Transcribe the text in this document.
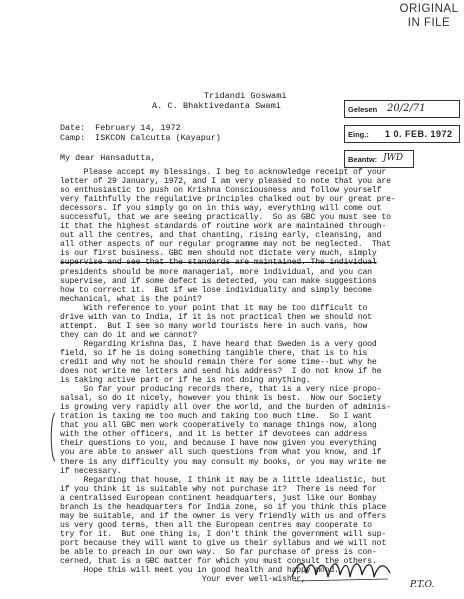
ORIGINAL
IN FILE
Tridandi Goswami
A. C. Bhaktivedanta Swami	Gelesen 20/2/71
Eing.: 1 0. FEB. 1972
Beantw: JWD
Date:  February 14, 1972
Camp:  ISKCON Calcutta (Kayapur)
My dear Hansadutta,
Please accept my blessings. I beg to acknowledge receipt of your
letter of 29 January, 1972, and I am very pleased to note that you are
so enthusiastic to push on Krishna Consciousness and follow yourself
very faithfully the regulative principles chalked out by our great pre-
decessors. If you simply go on in this way, everything will come out
successful, that we are seeing practically.  So as GBC you must see to
it that the highest standards of routine work are maintained through-
out all the centres, and that chanting, rising early, cleansing, and
all other aspects of our regular programme may not be neglected.  That
is our first business. GBC men should not dictate very much, simply
supervise and see that the standards are maintained. The individual
presidents should be more managerial, more individual, and you can
supervise, and if some defect is detected, you can make suggestions
how to correct it.  But if we lose individuality and simply become
mechanical, what is the point?
With reference to your point that it may be too difficult to
drive with van to India, if it is not practical then we should not
attempt.  But I see so many world tourists here in such vans, how
they can do it and we cannot?
Regarding Krishna Das, I have heard that Sweden is a very good
field, so if he is doing something tangible there, that is to his
credit and why not he should remain there for some time--but why he
does not write me letters and send his address?  I do not know if he
is taking active part or if he is not doing anything.
So far your producing records there, that is a very nice propo-
salsal, so do it nicely, however you think is best.  Now our Society
is growing very rapidly all over the world, and the burden of adminis-
tration is taxing me too much and taking too much time.  So I want
that you all GBC men work cooperatively to manage things now, along
with the other officers, and it is better if devotees can address
their questions to you, and because I have now given you everything
you are able to answer all such questions from what you know, and if
there is any difficulty you may consult my books, or you may write me
if necessary.
Regarding that house, I think it may be a little idealistic, but
if you think it is suitable why not purchase it?  There is need for
a centralised European continent headquarters, just like our Bombay
branch is the headquarters for India zone, so if you think this place
may be suitable, and if the owner is very friendly with us and offers
us very good terms, then all the European centres may cooperate to
try for it.  But one thing is, I don't think the government will sup-
port because they will want to give us their syllabus and we will not
be able to preach in our own way.  So far purchase of press is con-
cerned, that is a GBC matter for which you must consult the others.
Hope this will meet you in good health and happy mood.
Your ever well-wisher,
P.T.O.
